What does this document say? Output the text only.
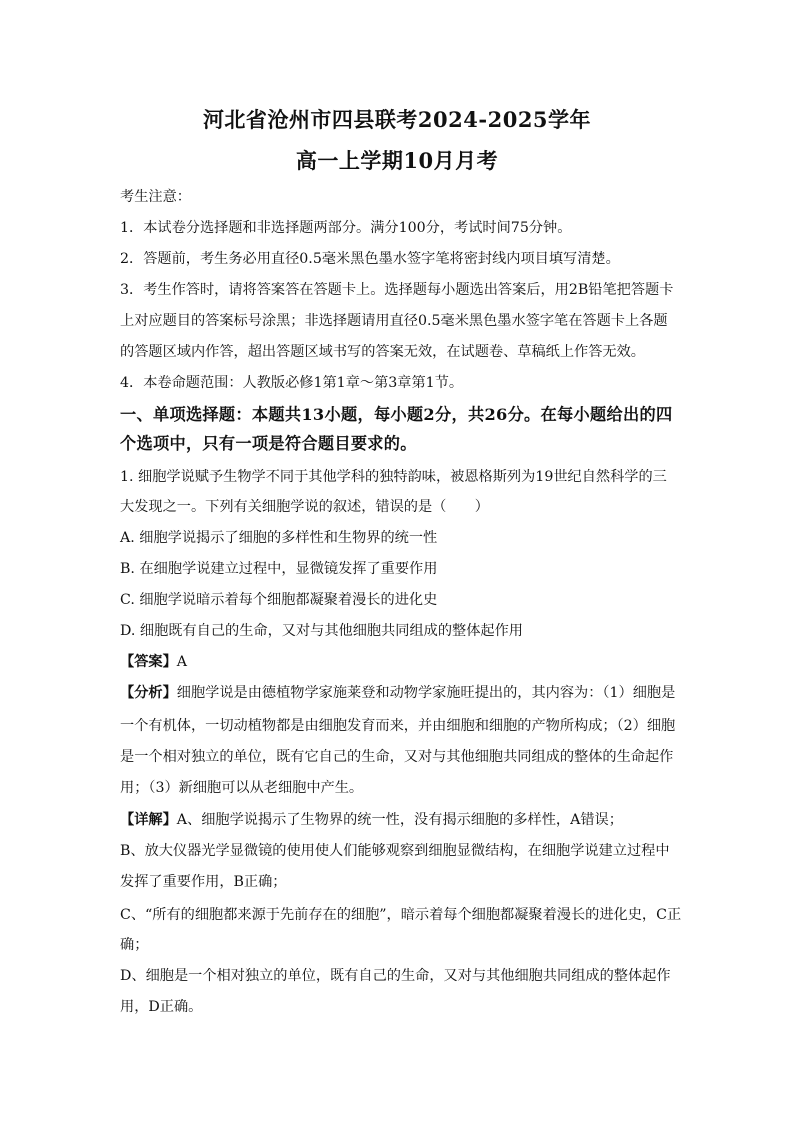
河北省沧州市四县联考2024-2025学年
高一上学期10月月考
考生注意：
1．本试卷分选择题和非选择题两部分。满分100分，考试时间75分钟。
2．答题前，考生务必用直径0.5毫米黑色墨水签字笔将密封线内项目填写清楚。
3．考生作答时，请将答案答在答题卡上。选择题每小题选出答案后，用2B铅笔把答题卡
上对应题目的答案标号涂黑；非选择题请用直径0.5毫米黑色墨水签字笔在答题卡上各题
的答题区域内作答，超出答题区域书写的答案无效，在试题卷、草稿纸上作答无效。
4．本卷命题范围：人教版必修1第1章～第3章第1节。
一、单项选择题：本题共13小题，每小题2分，共26分。在每小题给出的四
个选项中，只有一项是符合题目要求的。
1. 细胞学说赋予生物学不同于其他学科的独特韵味，被恩格斯列为19世纪自然科学的三
大发现之一。下列有关细胞学说的叙述，错误的是（　　）
A. 细胞学说揭示了细胞的多样性和生物界的统一性
B. 在细胞学说建立过程中，显微镜发挥了重要作用
C. 细胞学说暗示着每个细胞都凝聚着漫长的进化史
D. 细胞既有自己的生命，又对与其他细胞共同组成的整体起作用
【答案】A
【分析】细胞学说是由德植物学家施莱登和动物学家施旺提出的，其内容为：（1）细胞是
一个有机体，一切动植物都是由细胞发育而来，并由细胞和细胞的产物所构成；（2）细胞
是一个相对独立的单位，既有它自己的生命，又对与其他细胞共同组成的整体的生命起作
用；（3）新细胞可以从老细胞中产生。
【详解】A、细胞学说揭示了生物界的统一性，没有揭示细胞的多样性，A错误；
B、放大仪器光学显微镜的使用使人们能够观察到细胞显微结构，在细胞学说建立过程中
发挥了重要作用，B正确；
C、“所有的细胞都来源于先前存在的细胞”，暗示着每个细胞都凝聚着漫长的进化史，C正
确；
D、细胞是一个相对独立的单位，既有自己的生命，又对与其他细胞共同组成的整体起作
用，D正确。
